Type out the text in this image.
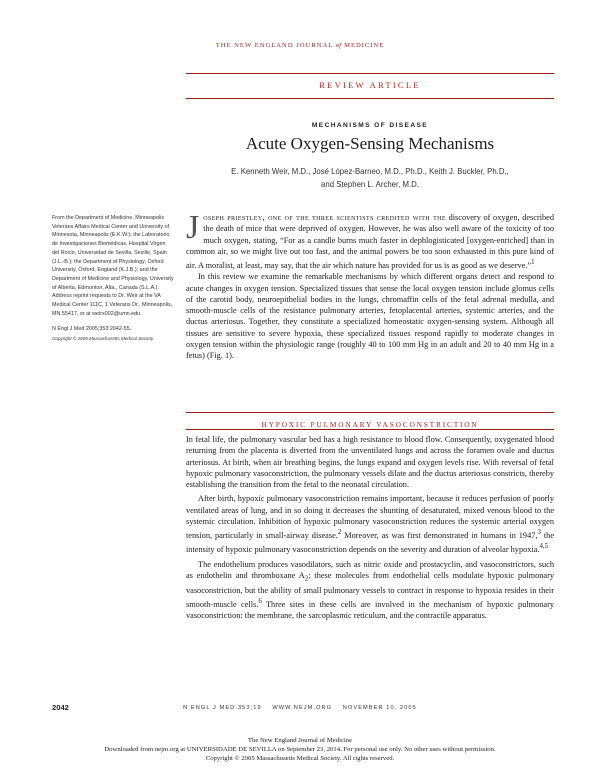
THE NEW ENGLAND JOURNAL of MEDICINE
REVIEW ARTICLE
MECHANISMS OF DISEASE
Acute Oxygen-Sensing Mechanisms
E. Kenneth Weir, M.D., José López-Barneo, M.D., Ph.D., Keith J. Buckler, Ph.D.,
and Stephen L. Archer, M.D.

From the Department of Medicine, Minneapolis Veterans Affairs Medical Center and University of Minnesota, Minneapolis (E.K.W.); the Laboratorio de Investigaciones Biomédicas, Hospital Virgen del Rocío, Universidad de Sevilla, Seville, Spain (J.L.-B.); the Department of Physiology, Oxford University, Oxford, England (K.J.B.); and the Department of Medicine and Physiology, University of Alberta, Edmonton, Alta., Canada (S.L.A.). Address reprint requests to Dr. Weir at the VA Medical Center 111C, 1 Veterans Dr., Minneapolis, MN 55417, or at weirx002@umn.edu.

N Engl J Med 2005;353:2042-55.

Copyright © 2005 Massachusetts Medical Society.

Joseph priestley, one of the three scientists credited with the discovery of oxygen, described the death of mice that were deprived of oxygen. However, he was also well aware of the toxicity of too much oxygen, stating, “For as a candle burns much faster in dephlogisticated [oxygen-enriched] than in common air, so we might live out too fast, and the animal powers be too soon exhausted in this pure kind of air. A moralist, at least, may say, that the air which nature has provided for us is as good as we deserve.”$^1$

In this review we examine the remarkable mechanisms by which different organs detect and respond to acute changes in oxygen tension. Specialized tissues that sense the local oxygen tension include glomus cells of the carotid body, neuroepithelial bodies in the lungs, chromaffin cells of the fetal adrenal medulla, and smooth-muscle cells of the resistance pulmonary arteries, fetoplacental arteries, systemic arteries, and the ductus arteriosus. Together, they constitute a specialized homeostatic oxygen-sensing system. Although all tissues are sensitive to severe hypoxia, these specialized tissues respond rapidly to moderate changes in oxygen tension within the physiologic range (roughly 40 to 100 mm Hg in an adult and 20 to 40 mm Hg in a fetus) (Fig. 1).

HYPOXIC PULMONARY VASOCONSTRICTION

In fetal life, the pulmonary vascular bed has a high resistance to blood flow. Consequently, oxygenated blood returning from the placenta is diverted from the unventilated lungs and across the foramen ovale and ductus arteriosus. At birth, when air breathing begins, the lungs expand and oxygen levels rise. With reversal of fetal hypoxic pulmonary vasoconstriction, the pulmonary vessels dilate and the ductus arteriosus constricts, thereby establishing the transition from the fetal to the neonatal circulation.

After birth, hypoxic pulmonary vasoconstriction remains important, because it reduces perfusion of poorly ventilated areas of lung, and in so doing it decreases the shunting of desaturated, mixed venous blood to the systemic circulation. Inhibition of hypoxic pulmonary vasoconstriction reduces the systemic arterial oxygen tension, particularly in small-airway disease.$^2$ Moreover, as was first demonstrated in humans in 1947,$^3$ the intensity of hypoxic pulmonary vasoconstriction depends on the severity and duration of alveolar hypoxia.$^{4,5}$

The endothelium produces vasodilators, such as nitric oxide and prostacyclin, and vasoconstrictors, such as endothelin and thromboxane $A_2$; these molecules from endothelial cells modulate hypoxic pulmonary vasoconstriction, but the ability of small pulmonary vessels to contract in response to hypoxia resides in their smooth-muscle cells.$^6$ Three sites in these cells are involved in the mechanism of hypoxic pulmonary vasoconstriction: the membrane, the sarcoplasmic reticulum, and the contractile apparatus.

2042	N ENGL J MED 353;19 WWW.NEJM.ORG NOVEMBER 10, 2005
The New England Journal of Medicine
Downloaded from nejm.org at UNIVERSIDADE DE SEVILLA on September 23, 2014. For personal use only. No other uses without permission.
Copyright © 2005 Massachusetts Medical Society. All rights reserved.
